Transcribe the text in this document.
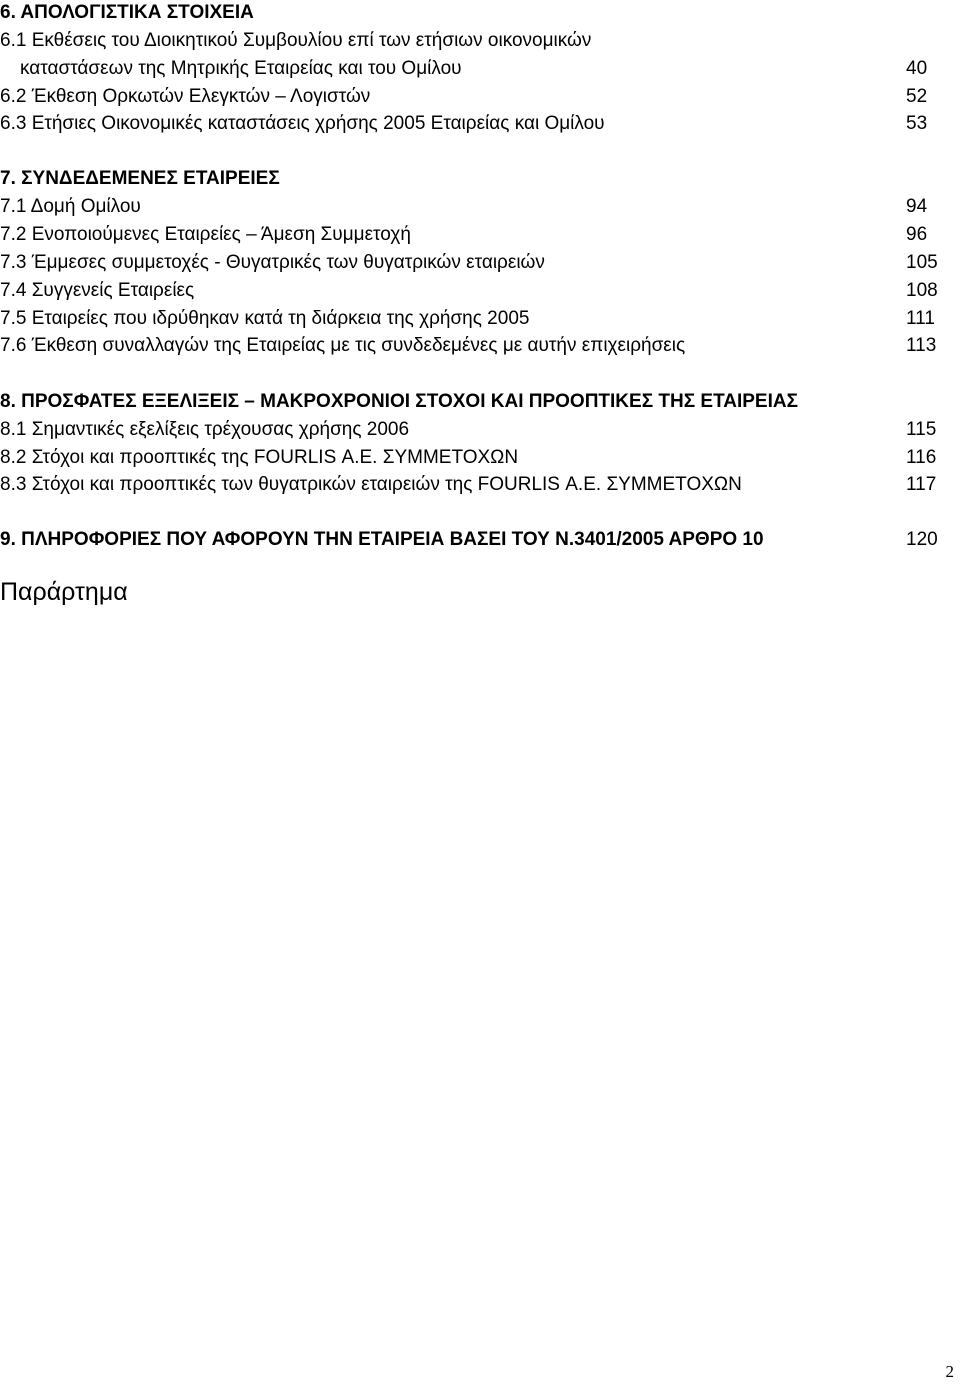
6. ΑΠΟΛΟΓΙΣΤΙΚΑ ΣΤΟΙΧΕΙΑ
6.1 Εκθέσεις του Διοικητικού Συμβουλίου επί των ετήσιων οικονομικών
καταστάσεων της Μητρικής Εταιρείας και του Ομίλου	40
6.2 Έκθεση Ορκωτών Ελεγκτών – Λογιστών	52
6.3 Ετήσιες Οικονομικές καταστάσεις χρήσης 2005 Εταιρείας και Ομίλου	53
7. ΣΥΝΔΕΔΕΜΕΝΕΣ ΕΤΑΙΡΕΙΕΣ
7.1 Δομή Ομίλου	94
7.2 Ενοποιούμενες Εταιρείες – Άμεση Συμμετοχή	96
7.3 Έμμεσες συμμετοχές - Θυγατρικές των θυγατρικών εταιρειών	105
7.4 Συγγενείς Εταιρείες	108
7.5 Εταιρείες που ιδρύθηκαν κατά τη διάρκεια της χρήσης 2005	111
7.6 Έκθεση συναλλαγών της Εταιρείας με τις συνδεδεμένες με αυτήν επιχειρήσεις	113
8. ΠΡΟΣΦΑΤΕΣ ΕΞΕΛΙΞΕΙΣ – ΜΑΚΡΟΧΡΟΝΙΟΙ ΣΤΟΧΟΙ ΚΑΙ ΠΡΟΟΠΤΙΚΕΣ ΤΗΣ ΕΤΑΙΡΕΙΑΣ
8.1 Σημαντικές εξελίξεις τρέχουσας χρήσης 2006	115
8.2 Στόχοι και προοπτικές της FOURLIS Α.Ε. ΣΥΜΜΕΤΟΧΩΝ	116
8.3 Στόχοι και προοπτικές των θυγατρικών εταιρειών της FOURLIS Α.Ε. ΣΥΜΜΕΤΟΧΩΝ	117
9. ΠΛΗΡΟΦΟΡΙΕΣ ΠΟΥ ΑΦΟΡΟΥΝ ΤΗΝ ΕΤΑΙΡΕΙΑ ΒΑΣΕΙ ΤΟΥ Ν.3401/2005 ΑΡΘΡΟ 10	120
Παράρτημα
2
